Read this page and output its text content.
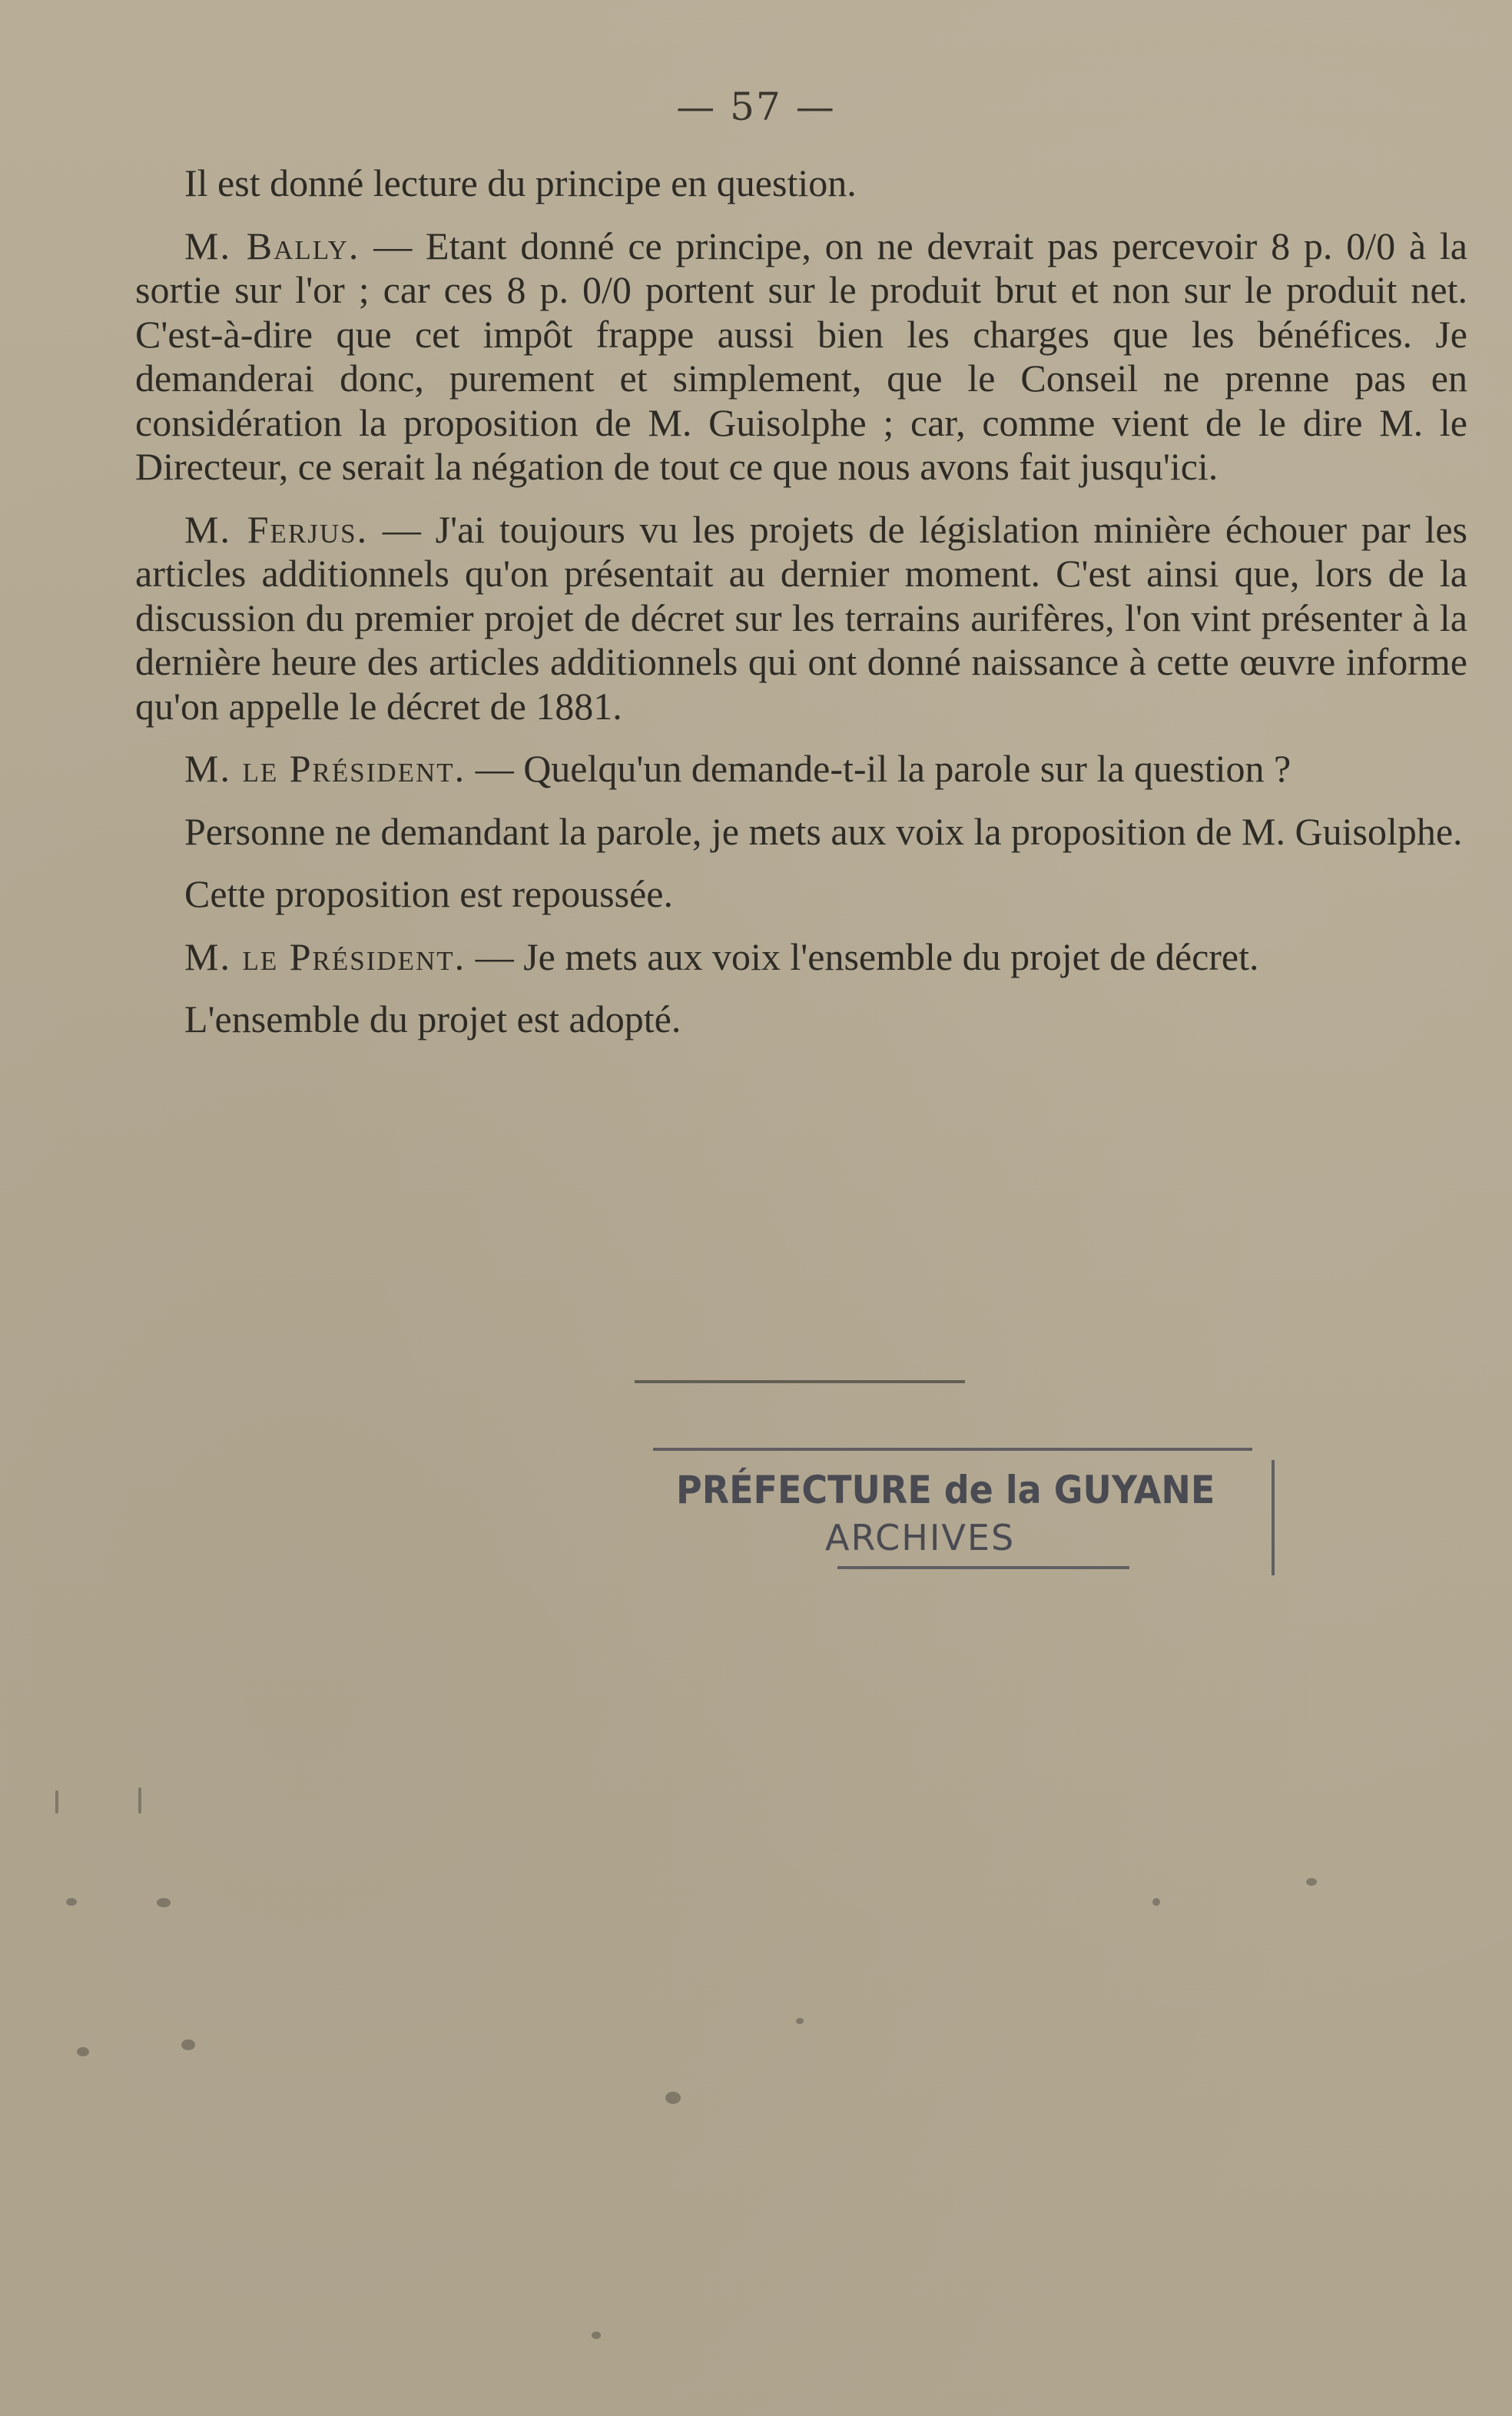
— 57 —

Il est donné lecture du principe en question.

M. Bally. — Etant donné ce principe, on ne devrait pas percevoir 8 p. 0/0 à la sortie sur l'or ; car ces 8 p. 0/0 portent sur le produit brut et non sur le produit net. C'est-à-dire que cet impôt frappe aussi bien les charges que les bénéfices. Je demanderai donc, purement et simplement, que le Conseil ne prenne pas en considération la proposition de M. Guisolphe ; car, comme vient de le dire M. le Directeur, ce serait la négation de tout ce que nous avons fait jusqu'ici.

M. Ferjus. — J'ai toujours vu les projets de législation minière échouer par les articles additionnels qu'on présentait au dernier moment. C'est ainsi que, lors de la discussion du premier projet de décret sur les terrains aurifères, l'on vint présenter à la dernière heure des articles additionnels qui ont donné naissance à cette œuvre informe qu'on appelle le décret de 1881.

M. le Président. — Quelqu'un demande-t-il la parole sur la question ?

Personne ne demandant la parole, je mets aux voix la proposition de M. Guisolphe.

Cette proposition est repoussée.

M. le Président. — Je mets aux voix l'ensemble du projet de décret.

L'ensemble du projet est adopté.

PRÉFECTURE de la GUYANE
ARCHIVES
